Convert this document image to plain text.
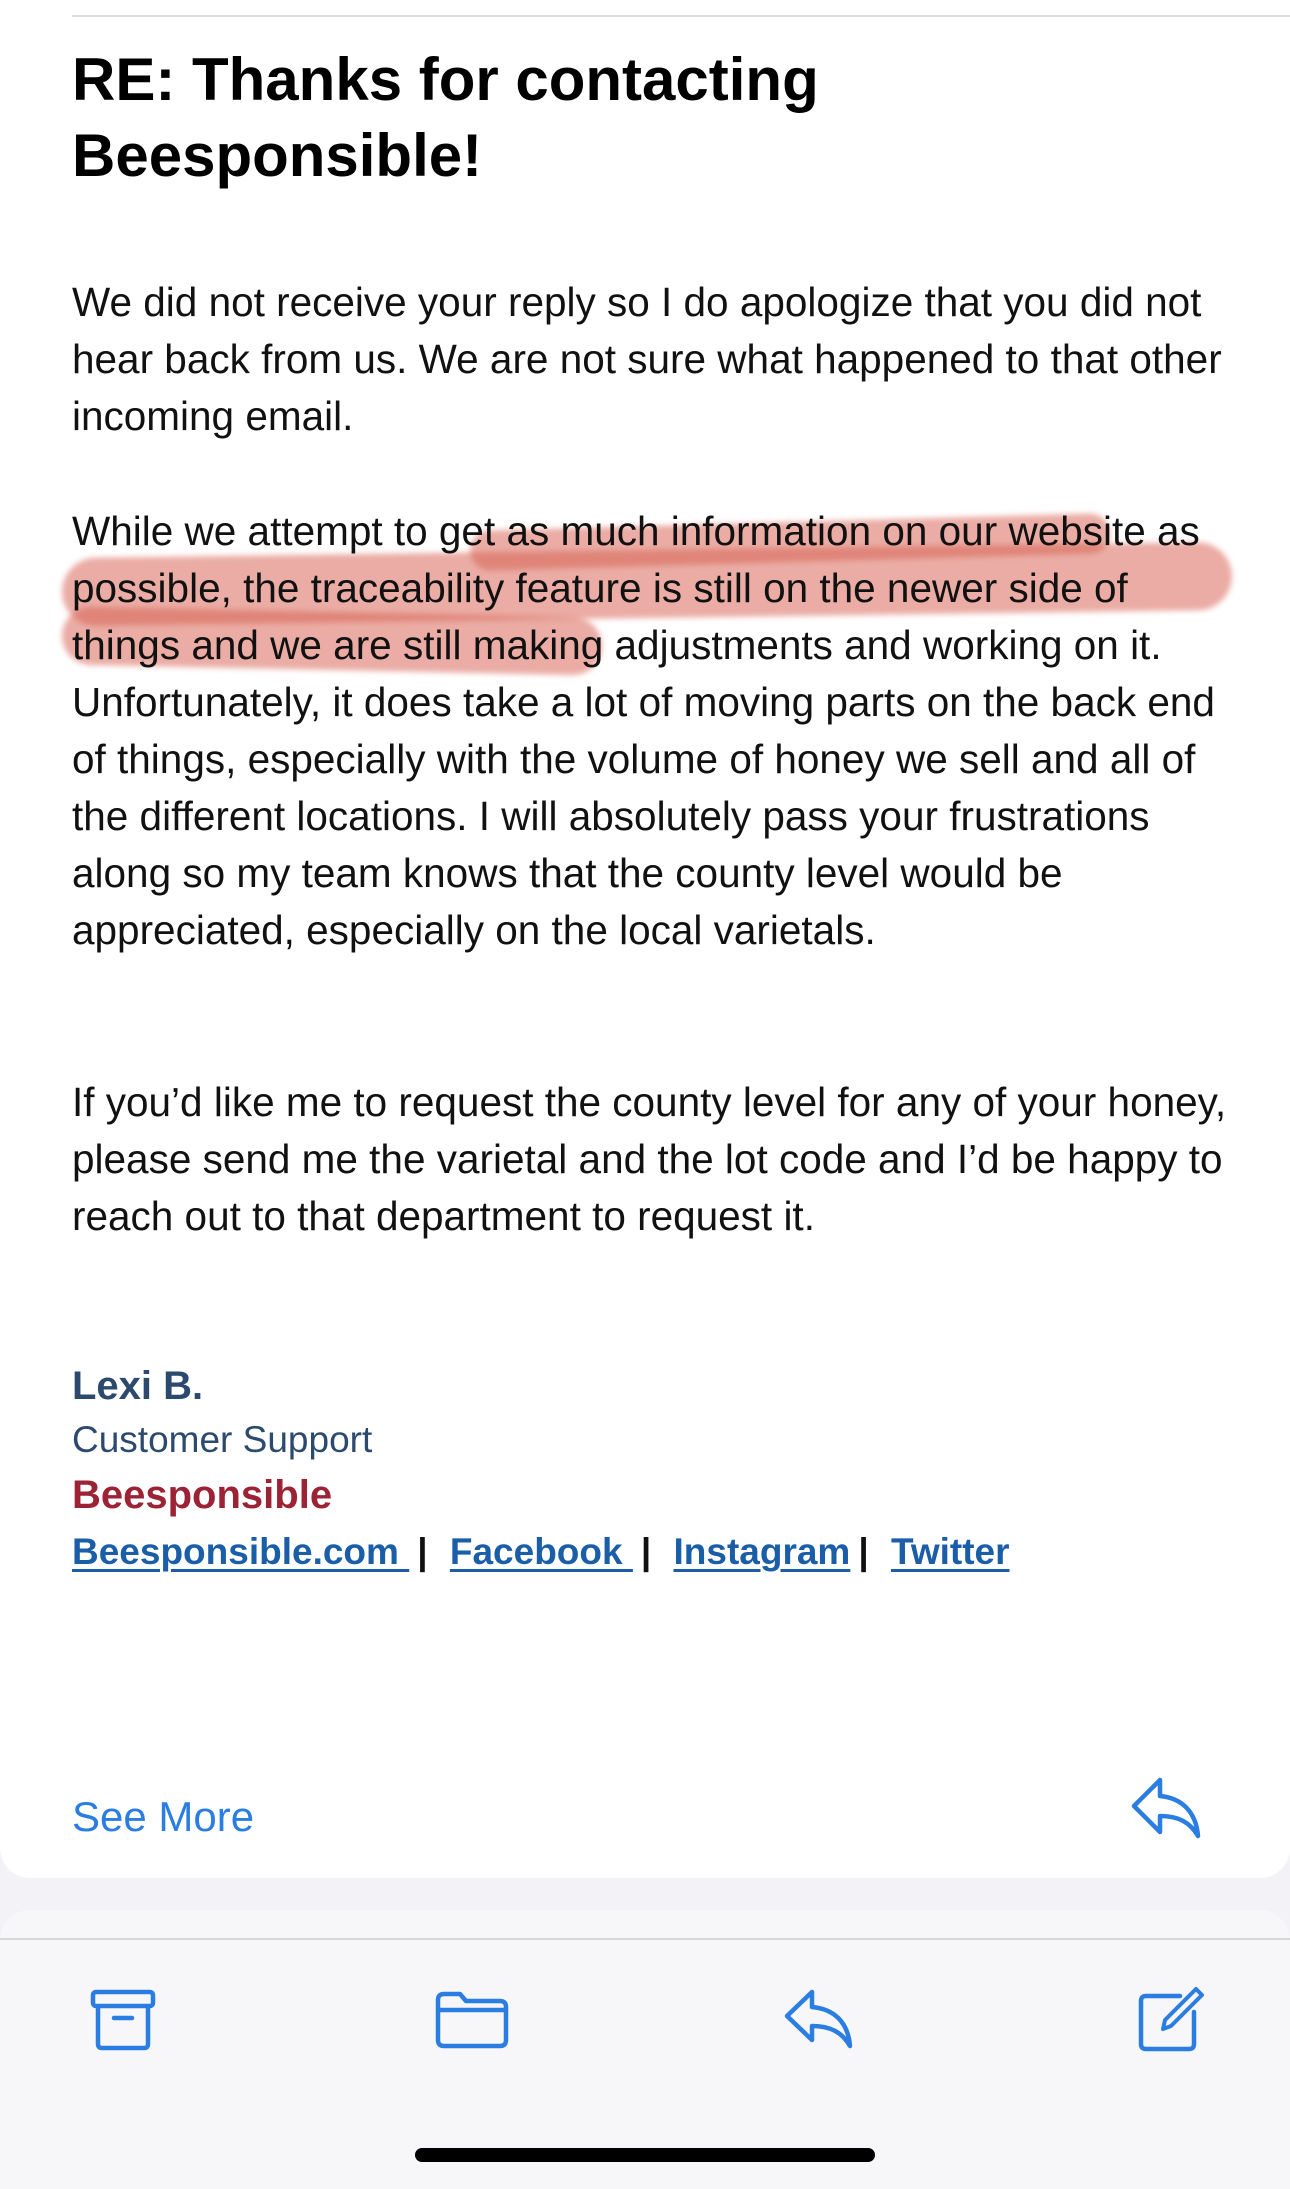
RE: Thanks for contacting Beesponsible!

We did not receive your reply so I do apologize that you did not hear back from us. We are not sure what happened to that other incoming email.

While we attempt to get as much information on our website as possible, the traceability feature is still on the newer side of things and we are still making adjustments and working on it. Unfortunately, it does take a lot of moving parts on the back end of things, especially with the volume of honey we sell and all of the different locations. I will absolutely pass your frustrations along so my team knows that the county level would be appreciated, especially on the local varietals.

If you’d like me to request the county level for any of your honey, please send me the varietal and the lot code and I’d be happy to reach out to that department to request it.

Lexi B.
Customer Support
Beesponsible
Beesponsible.com | Facebook | Instagram | Twitter
See More
